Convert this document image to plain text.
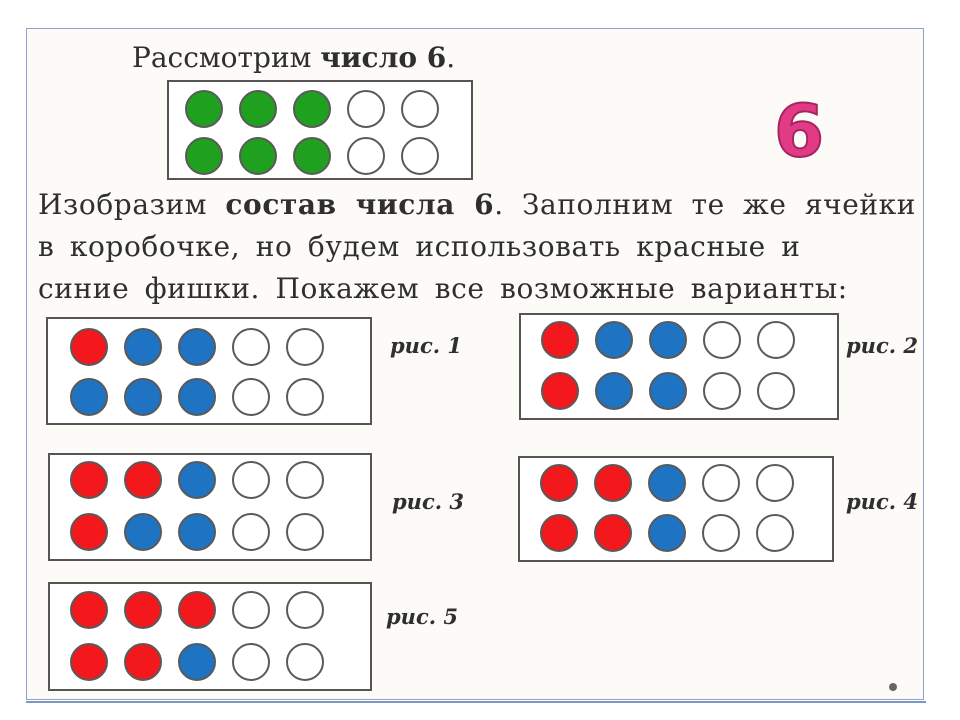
Рассмотрим число 6.
6
Изобразим состав числа 6. Заполним те же ячейки в коробочке, но будем использовать красные и
синие фишки. Покажем все возможные варианты:
рис. 1	рис. 2
рис. 3	рис. 4
рис. 5
